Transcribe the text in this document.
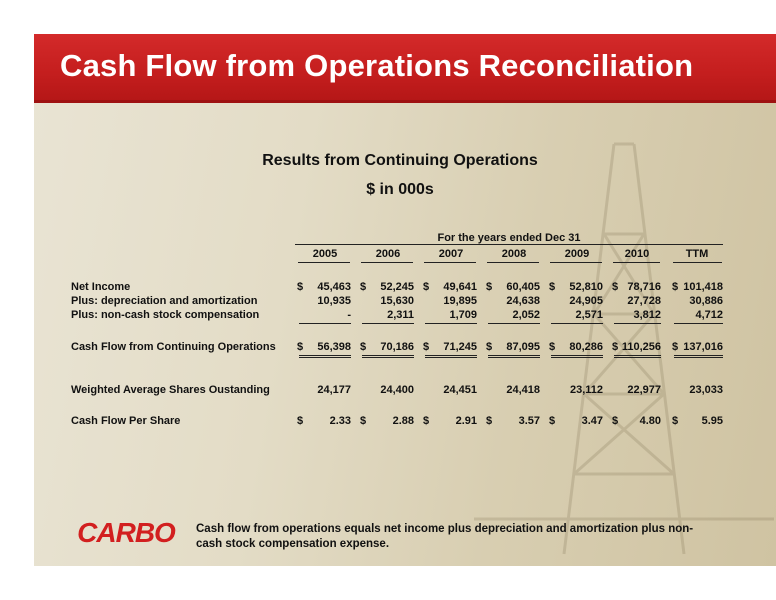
Cash Flow from Operations Reconciliation

Results from Continuing Operations

$ in 000s

For the years ended Dec 31
2005	2006	2007	2008	2009	2010	TTM
Net Income	$	45,463 $	52,245 $	49,641 $	60,405 $	52,810 $ 78,716 $ 101,418
Plus: depreciation and amortization	10,935	15,630	19,895	24,638	24,905	27,728	30,886
Plus: non-cash stock compensation	-	2,311	1,709	2,052	2,571	3,812	4,712
Cash Flow from Continuing Operations $	56,398 $	70,186 $	71,245 $	87,095 $	80,286 $ 110,256 $ 137,016
Weighted Average Shares Oustanding	24,177	24,400	24,451	24,418	23,112	22,977	23,033
Cash Flow Per Share	$	2.33 $	2.88 $	2.91 $	3.57 $	3.47 $	4.80 $	5.95
CARBO Cash flow from operations equals net income plus depreciation and amortization plus non-cash stock compensation expense.
